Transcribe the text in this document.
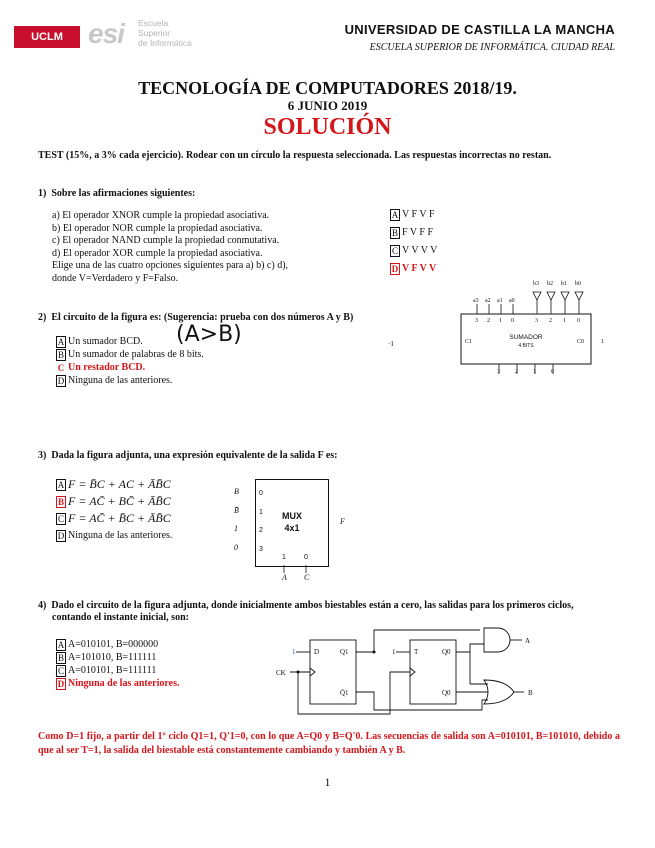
UCLM esi Escuela
Superior
de Informática
UNIVERSIDAD DE CASTILLA LA MANCHA
ESCUELA SUPERIOR DE INFORMÁTICA. CIUDAD REAL
TECNOLOGÍA DE COMPUTADORES 2018/19.
6 JUNIO 2019
SOLUCIÓN
TEST (15%, a 3% cada ejercicio). Rodear con un círculo la respuesta seleccionada. Las respuestas incorrectas no restan.
1) Sobre las afirmaciones siguientes:
a) El operador XNOR cumple la propiedad asociativa.
b) El operador NOR cumple la propiedad asociativa.
c) El operador NAND cumple la propiedad conmutativa.
d) El operador XOR cumple la propiedad asociativa.
Elige una de las cuatro opciones siguientes para a) b) c) d),
donde V=Verdadero y F=Falso.
A V F V F
B F V F F
C V V V V
D V F V V
2) El circuito de la figura es: (Sugerencia: prueba con dos números A y B)
(A>B)
A Un sumador BCD.
B Un sumador de palabras de 8 bits.
C Un restador BCD.
D Ninguna de las anteriores.
·1
a3 a2 a1 a0
b3 b2 b1 b0
3 2 1 0	3 2 1 0
C1	C0	1
3	2	1	0
SUMADOR
4 BITS
3) Dada la figura adjunta, una expresión equivalente de la salida F es:
A F = B̄C + AC + ĀB̄C
B F = AC̄ + BC̄ + ĀB̄C
C F = AC̄ + B̄C + ĀB̄C
D Ninguna de las anteriores.
B
B̄
1
0
0
1
2
3
MUX
4x1
1	0
A C
F
4) Dado el circuito de la figura adjunta, donde inicialmente ambos biestables están a cero, las salidas para los primeros ciclos,
contando el instante inicial, son:
A A=010101, B=000000
B A=101010, B=111111
C A=010101, B=111111
D Ninguna de las anteriores.
1	1
CK
D	Q1
Q̄1
T	Q0
Q0
A
B
Como D=1 fijo, a partir del 1º ciclo Q1=1, Q'1=0, con lo que A=Q0 y B=Q'0. Las secuencias de salida son A=010101, B=101010, debido a que al ser T=1, la salida del biestable está constantemente cambiando y también A y B.
1
